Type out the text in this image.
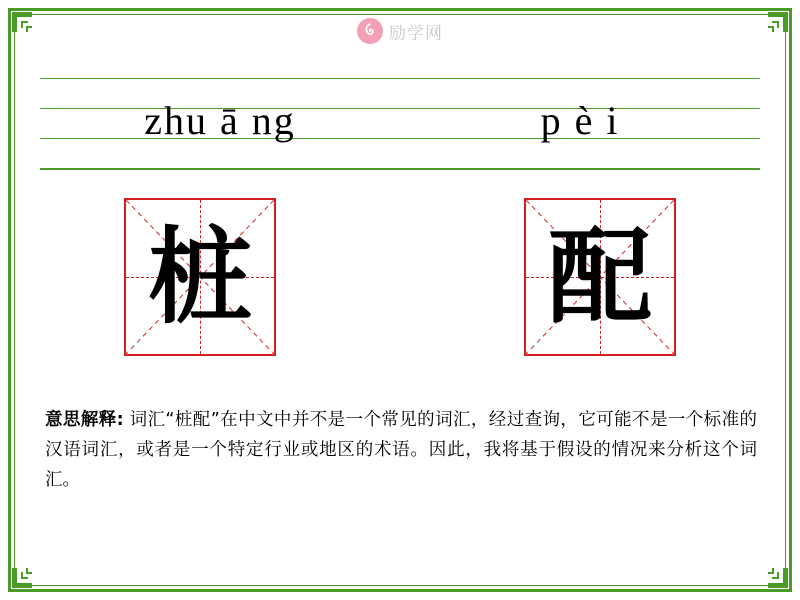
励学网
zhu ā ng	p è i
桩	配
意思解释: 词汇“桩配”在中文中并不是一个常见的词汇，经过查询，它可能不是一个标准的汉语词汇，或者是一个特定行业或地区的术语。因此，我将基于假设的情况来分析这个词汇。
